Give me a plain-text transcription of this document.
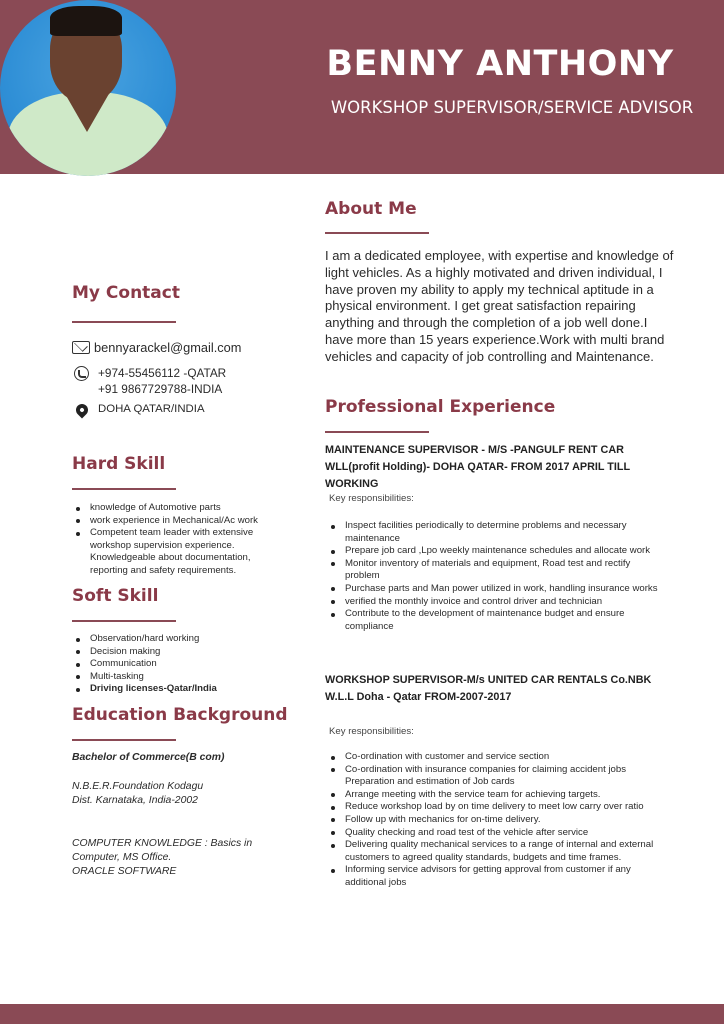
BENNY ANTHONY
WORKSHOP SUPERVISOR/SERVICE ADVISOR
My Contact
bennyarackel@gmail.com
+974-55456112 -QATAR
+91 9867729788-INDIA
DOHA QATAR/INDIA
Hard Skill
knowledge of Automotive parts
work experience in Mechanical/Ac work
Competent team leader with extensive workshop supervision experience. Knowledgeable about documentation, reporting and safety requirements.
Soft Skill
Observation/hard working
Decision making
Communication
Multi-tasking
Driving licenses-Qatar/India
Education Background
Bachelor of Commerce(B com)
N.B.E.R.Foundation Kodagu
Dist. Karnataka, India-2002
COMPUTER KNOWLEDGE : Basics in
Computer, MS Office.
ORACLE SOFTWARE
About Me
I am a dedicated employee, with expertise and knowledge of light vehicles. As a highly motivated and driven individual, I have proven my ability to apply my technical aptitude in a physical environment. I get great satisfaction repairing anything and through the completion of a job well done.I have more than 15 years experience.Work with multi brand vehicles and capacity of job controlling and Maintenance.
Professional Experience
MAINTENANCE SUPERVISOR - M/S -PANGULF RENT CAR WLL(profit Holding)- DOHA QATAR- FROM 2017 APRIL TILL WORKING
Key responsibilities:
Inspect facilities periodically to determine problems and necessary maintenance
Prepare job card ,Lpo weekly maintenance schedules and allocate work
Monitor inventory of materials and equipment, Road test and rectify problem
Purchase parts and Man power utilized in work, handling insurance works
verified the monthly invoice and control driver and technician
Contribute to the development of maintenance budget and ensure compliance
WORKSHOP SUPERVISOR-M/s UNITED CAR RENTALS Co.NBK W.L.L Doha - Qatar FROM-2007-2017
Key responsibilities:
Co-ordination with customer and service section
Co-ordination with insurance companies for claiming accident jobs Preparation and estimation of Job cards
Arrange meeting with the service team for achieving targets.
Reduce workshop load by on time delivery to meet low carry over ratio
Follow up with mechanics for on-time delivery.
Quality checking and road test of the vehicle after service
Delivering quality mechanical services to a range of internal and external customers to agreed quality standards, budgets and time frames.
Informing service advisors for getting approval from customer if any additional jobs
